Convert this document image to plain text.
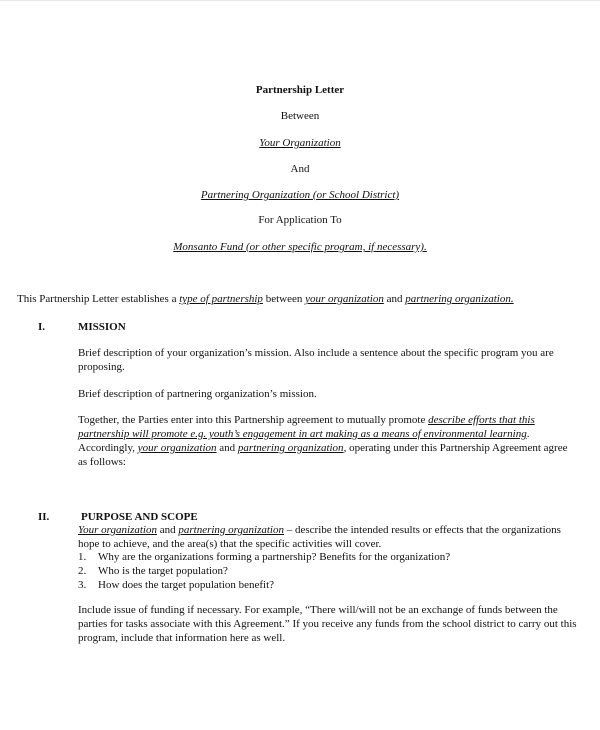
Partnership Letter
Between
Your Organization
And
Partnering Organization (or School District)
For Application To
Monsanto Fund (or other specific program, if necessary).
This Partnership Letter establishes a type of partnership between your organization and partnering organization.
I.	MISSION

Brief description of your organization’s mission. Also include a sentence about the specific program you are proposing.

Brief description of partnering organization’s mission.

Together, the Parties enter into this Partnership agreement to mutually promote describe efforts that this partnership will promote e.g. youth’s engagement in art making as a means of environmental learning. Accordingly, your organization and partnering organization, operating under this Partnership Agreement agree as follows:

II.	PURPOSE AND SCOPE

Your organization and partnering organization – describe the intended results or effects that the organizations hope to achieve, and the area(s) that the specific activities will cover.

1. Why are the organizations forming a partnership? Benefits for the organization?
2. Who is the target population?
3. How does the target population benefit?

Include issue of funding if necessary. For example, “There will/will not be an exchange of funds between the parties for tasks associate with this Agreement.” If you receive any funds from the school district to carry out this program, include that information here as well.
